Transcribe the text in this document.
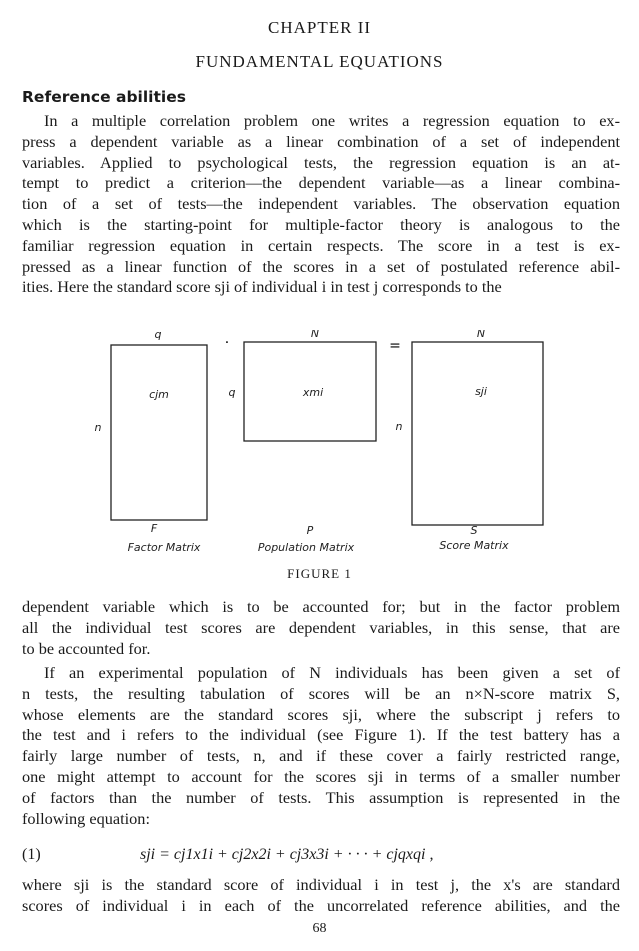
CHAPTER II
FUNDAMENTAL EQUATIONS
Reference abilities

In a multiple correlation problem one writes a regression equation to ex-
press a dependent variable as a linear combination of a set of independent
variables. Applied to psychological tests, the regression equation is an at-
tempt to predict a criterion—the dependent variable—as a linear combina-
tion of a set of tests—the independent variables. The observation equation
which is the starting-point for multiple-factor theory is analogous to the
familiar regression equation in certain respects. The score in a test is ex-
pressed as a linear function of the scores in a set of postulated reference abil-
ities. Here the standard score sji of individual i in test j corresponds to the

q
n
cjm
F
Factor Matrix
·
N
q	xmi
P
Population Matrix
=
N
n
sji
S
Score Matrix
FIGURE 1

dependent variable which is to be accounted for; but in the factor problem
all the individual test scores are dependent variables, in this sense, that are
to be accounted for.

If an experimental population of N individuals has been given a set of
n tests, the resulting tabulation of scores will be an n×N-score matrix S,
whose elements are the standard scores sji, where the subscript j refers to
the test and i refers to the individual (see Figure 1). If the test battery has a
fairly large number of tests, n, and if these cover a fairly restricted range,
one might attempt to account for the scores sji in terms of a smaller number
of factors than the number of tests. This assumption is represented in the
following equation:

(1)	sji = cj1x1i + cj2x2i + cj3x3i + · · · + cjqxqi ,

where sji is the standard score of individual i in test j, the x's are standard
scores of individual i in each of the uncorrelated reference abilities, and the

68
